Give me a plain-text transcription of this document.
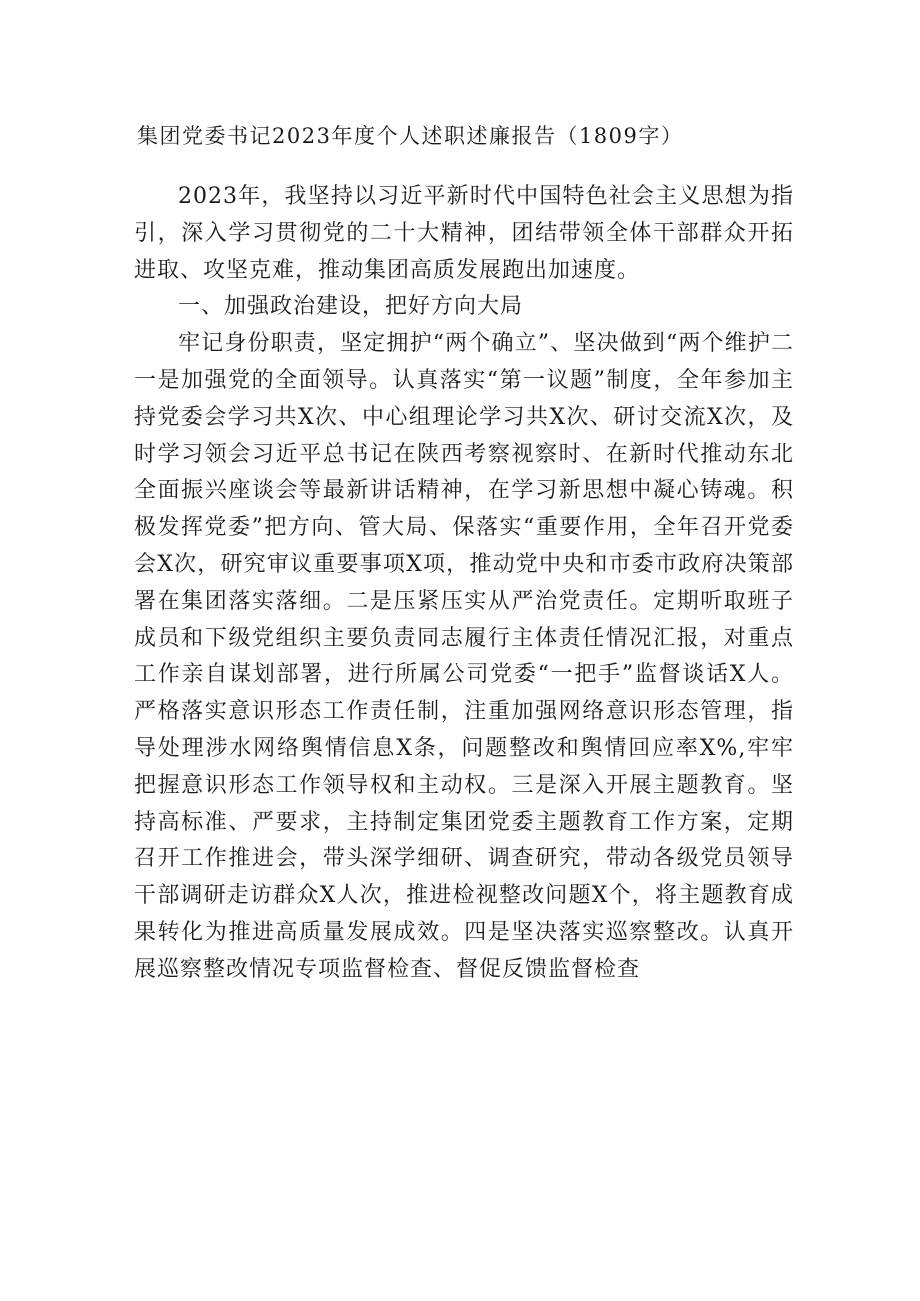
集团党委书记2023年度个人述职述廉报告（1809字）

2023年，我坚持以习近平新时代中国特色社会主义思想为指引，深入学习贯彻党的二十大精神，团结带领全体干部群众开拓进取、攻坚克难，推动集团高质发展跑出加速度。

一、加强政治建设，把好方向大局

牢记身份职责，坚定拥护“两个确立”、坚决做到“两个维护二一是加强党的全面领导。认真落实“第一议题”制度，全年参加主持党委会学习共X次、中心组理论学习共X次、研讨交流X次，及时学习领会习近平总书记在陕西考察视察时、在新时代推动东北全面振兴座谈会等最新讲话精神，在学习新思想中凝心铸魂。积极发挥党委”把方向、管大局、保落实“重要作用，全年召开党委会X次，研究审议重要事项X项，推动党中央和市委市政府决策部署在集团落实落细。二是压紧压实从严治党责任。定期听取班子成员和下级党组织主要负责同志履行主体责任情况汇报，对重点工作亲自谋划部署，进行所属公司党委“一把手”监督谈话X人。严格落实意识形态工作责任制，注重加强网络意识形态管理，指导处理涉水网络舆情信息X条，问题整改和舆情回应率X%,牢牢把握意识形态工作领导权和主动权。三是深入开展主题教育。坚持高标准、严要求，主持制定集团党委主题教育工作方案，定期召开工作推进会，带头深学细研、调查研究，带动各级党员领导干部调研走访群众X人次，推进检视整改问题X个，将主题教育成果转化为推进高质量发展成效。四是坚决落实巡察整改。认真开展巡察整改情况专项监督检查、督促反馈监督检查
